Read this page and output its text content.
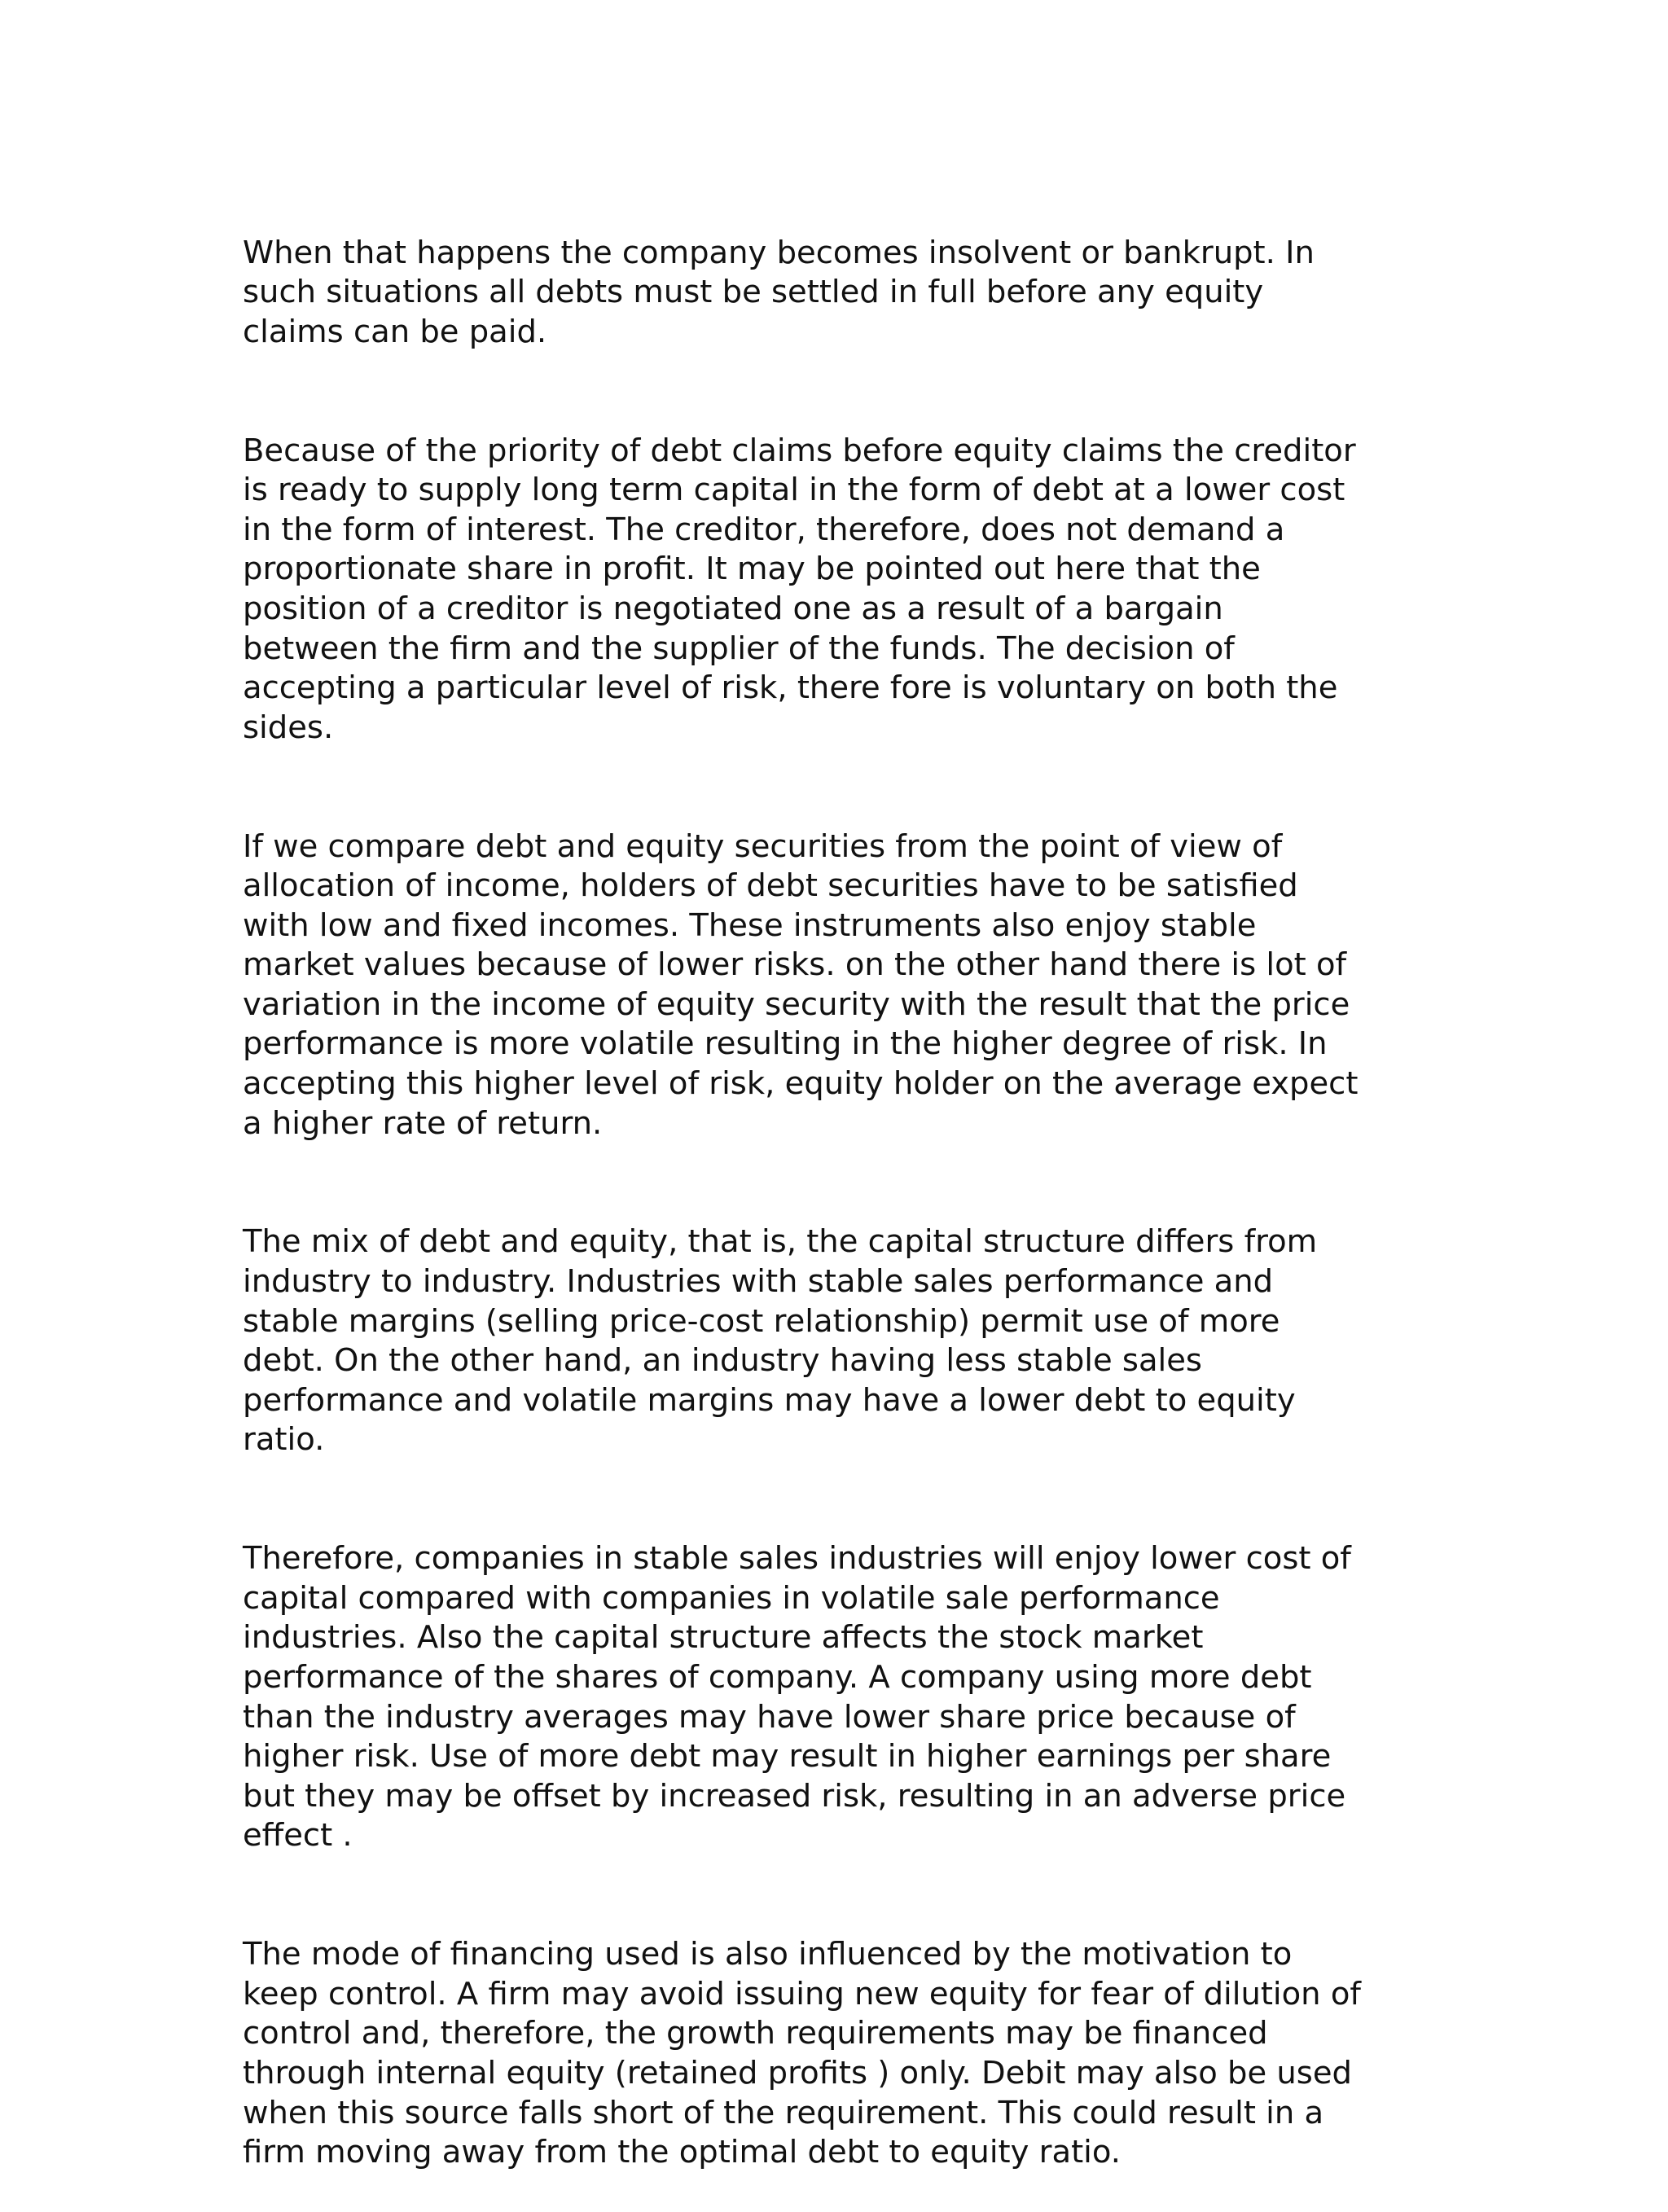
When that happens the company becomes insolvent or bankrupt. In
such situations all debts must be settled in full before any equity
claims can be paid.

Because of the priority of debt claims before equity claims the creditor
is ready to supply long term capital in the form of debt at a lower cost
in the form of interest. The creditor, therefore, does not demand a
proportionate share in profit. It may be pointed out here that the
position of a creditor is negotiated one as a result of a bargain
between the firm and the supplier of the funds. The decision of
accepting a particular level of risk, there fore is voluntary on both the
sides.

If we compare debt and equity securities from the point of view of
allocation of income, holders of debt securities have to be satisfied
with low and fixed incomes. These instruments also enjoy stable
market values because of lower risks. on the other hand there is lot of
variation in the income of equity security with the result that the price
performance is more volatile resulting in the higher degree of risk. In
accepting this higher level of risk, equity holder on the average expect
a higher rate of return.

The mix of debt and equity, that is, the capital structure differs from
industry to industry. Industries with stable sales performance and
stable margins (selling price-cost relationship) permit use of more
debt. On the other hand, an industry having less stable sales
performance and volatile margins may have a lower debt to equity
ratio.

Therefore, companies in stable sales industries will enjoy lower cost of
capital compared with companies in volatile sale performance
industries. Also the capital structure affects the stock market
performance of the shares of company. A company using more debt
than the industry averages may have lower share price because of
higher risk. Use of more debt may result in higher earnings per share
but they may be offset by increased risk, resulting in an adverse price
effect .

The mode of financing used is also influenced by the motivation to
keep control. A firm may avoid issuing new equity for fear of dilution of
control and, therefore, the growth requirements may be financed
through internal equity (retained profits ) only. Debit may also be used
when this source falls short of the requirement. This could result in a
firm moving away from the optimal debt to equity ratio.
